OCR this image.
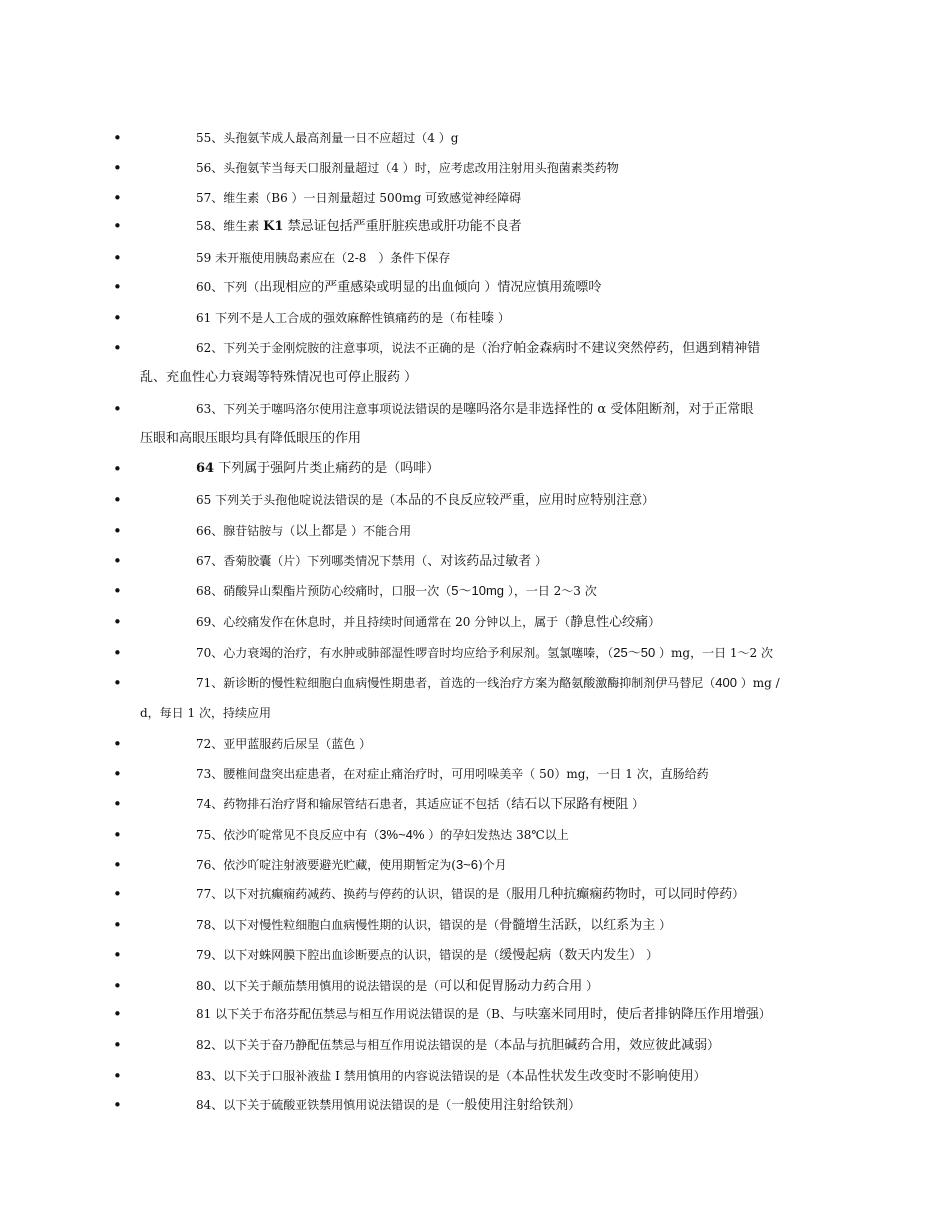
•	55、头孢氨苄成人最高剂量一日不应超过（4 ）g
•	56、头孢氨苄当每天口服剂量超过（4 ）时，应考虑改用注射用头孢菌素类药物
•	57、维生素（B6 ）一日剂量超过 500mg 可致感觉神经障碍
•	58、维生素 K1 禁忌证包括严重肝脏疾患或肝功能不良者
•	59 未开瓶使用胰岛素应在（2-8　）条件下保存
•	60、下列（出现相应的严重感染或明显的出血倾向 ）情况应慎用巯嘌呤
•	61 下列不是人工合成的强效麻醉性镇痛药的是（布桂嗪 ）
•	62、下列关于金刚烷胺的注意事项，说法不正确的是（治疗帕金森病时不建议突然停药，但遇到精神错
乱、充血性心力衰竭等特殊情况也可停止服药 ）
•	63、下列关于噻吗洛尔使用注意事项说法错误的是噻吗洛尔是非选择性的 α 受体阻断剂，对于正常眼
压眼和高眼压眼均具有降低眼压的作用
•	64 下列属于强阿片类止痛药的是（吗啡）
•	65 下列关于头孢他啶说法错误的是（本品的不良反应较严重，应用时应特别注意）
•	66、腺苷钴胺与（以上都是 ）不能合用
•	67、香菊胶囊（片）下列哪类情况下禁用（、对该药品过敏者 ）
•	68、硝酸异山梨酯片预防心绞痛时，口服一次（5～10mg ），一日 2～3 次
•	69、心绞痛发作在休息时，并且持续时间通常在 20 分钟以上，属于（静息性心绞痛）
•	70、心力衰竭的治疗，有水肿或肺部湿性啰音时均应给予利尿剂。氢氯噻嗪，（25～50 ）mg，一日 1～2 次
•	71、新诊断的慢性粒细胞白血病慢性期患者，首选的一线治疗方案为酪氨酸激酶抑制剂伊马替尼（400 ）mg /
d，每日 1 次，持续应用
•	72、亚甲蓝服药后尿呈（蓝色 ）
•	73、腰椎间盘突出症患者，在对症止痛治疗时，可用吲哚美辛（ 50）mg，一日 1 次，直肠给药
•	74、药物排石治疗肾和输尿管结石患者，其适应证不包括（结石以下尿路有梗阻 ）
•	75、依沙吖啶常见不良反应中有（3%~4% ）的孕妇发热达 38℃以上
•	76、依沙吖啶注射液要避光贮藏，使用期暂定为(3~6)个月
•	77、以下对抗癫痫药减药、换药与停药的认识，错误的是（服用几种抗癫痫药物时，可以同时停药）
•	78、以下对慢性粒细胞白血病慢性期的认识，错误的是（骨髓增生活跃，以红系为主 ）
•	79、以下对蛛网膜下腔出血诊断要点的认识，错误的是（缓慢起病（数天内发生） ）
•	80、以下关于颠茄禁用慎用的说法错误的是（可以和促胃肠动力药合用 ）
•	81 以下关于布洛芬配伍禁忌与相互作用说法错误的是（B、与呋塞米同用时，使后者排钠降压作用增强）
•	82、以下关于奋乃静配伍禁忌与相互作用说法错误的是（本品与抗胆碱药合用，效应彼此减弱）
•	83、以下关于口服补液盐 I 禁用慎用的内容说法错误的是（本品性状发生改变时不影响使用）
•	84、以下关于硫酸亚铁禁用慎用说法错误的是（一般使用注射给铁剂）
